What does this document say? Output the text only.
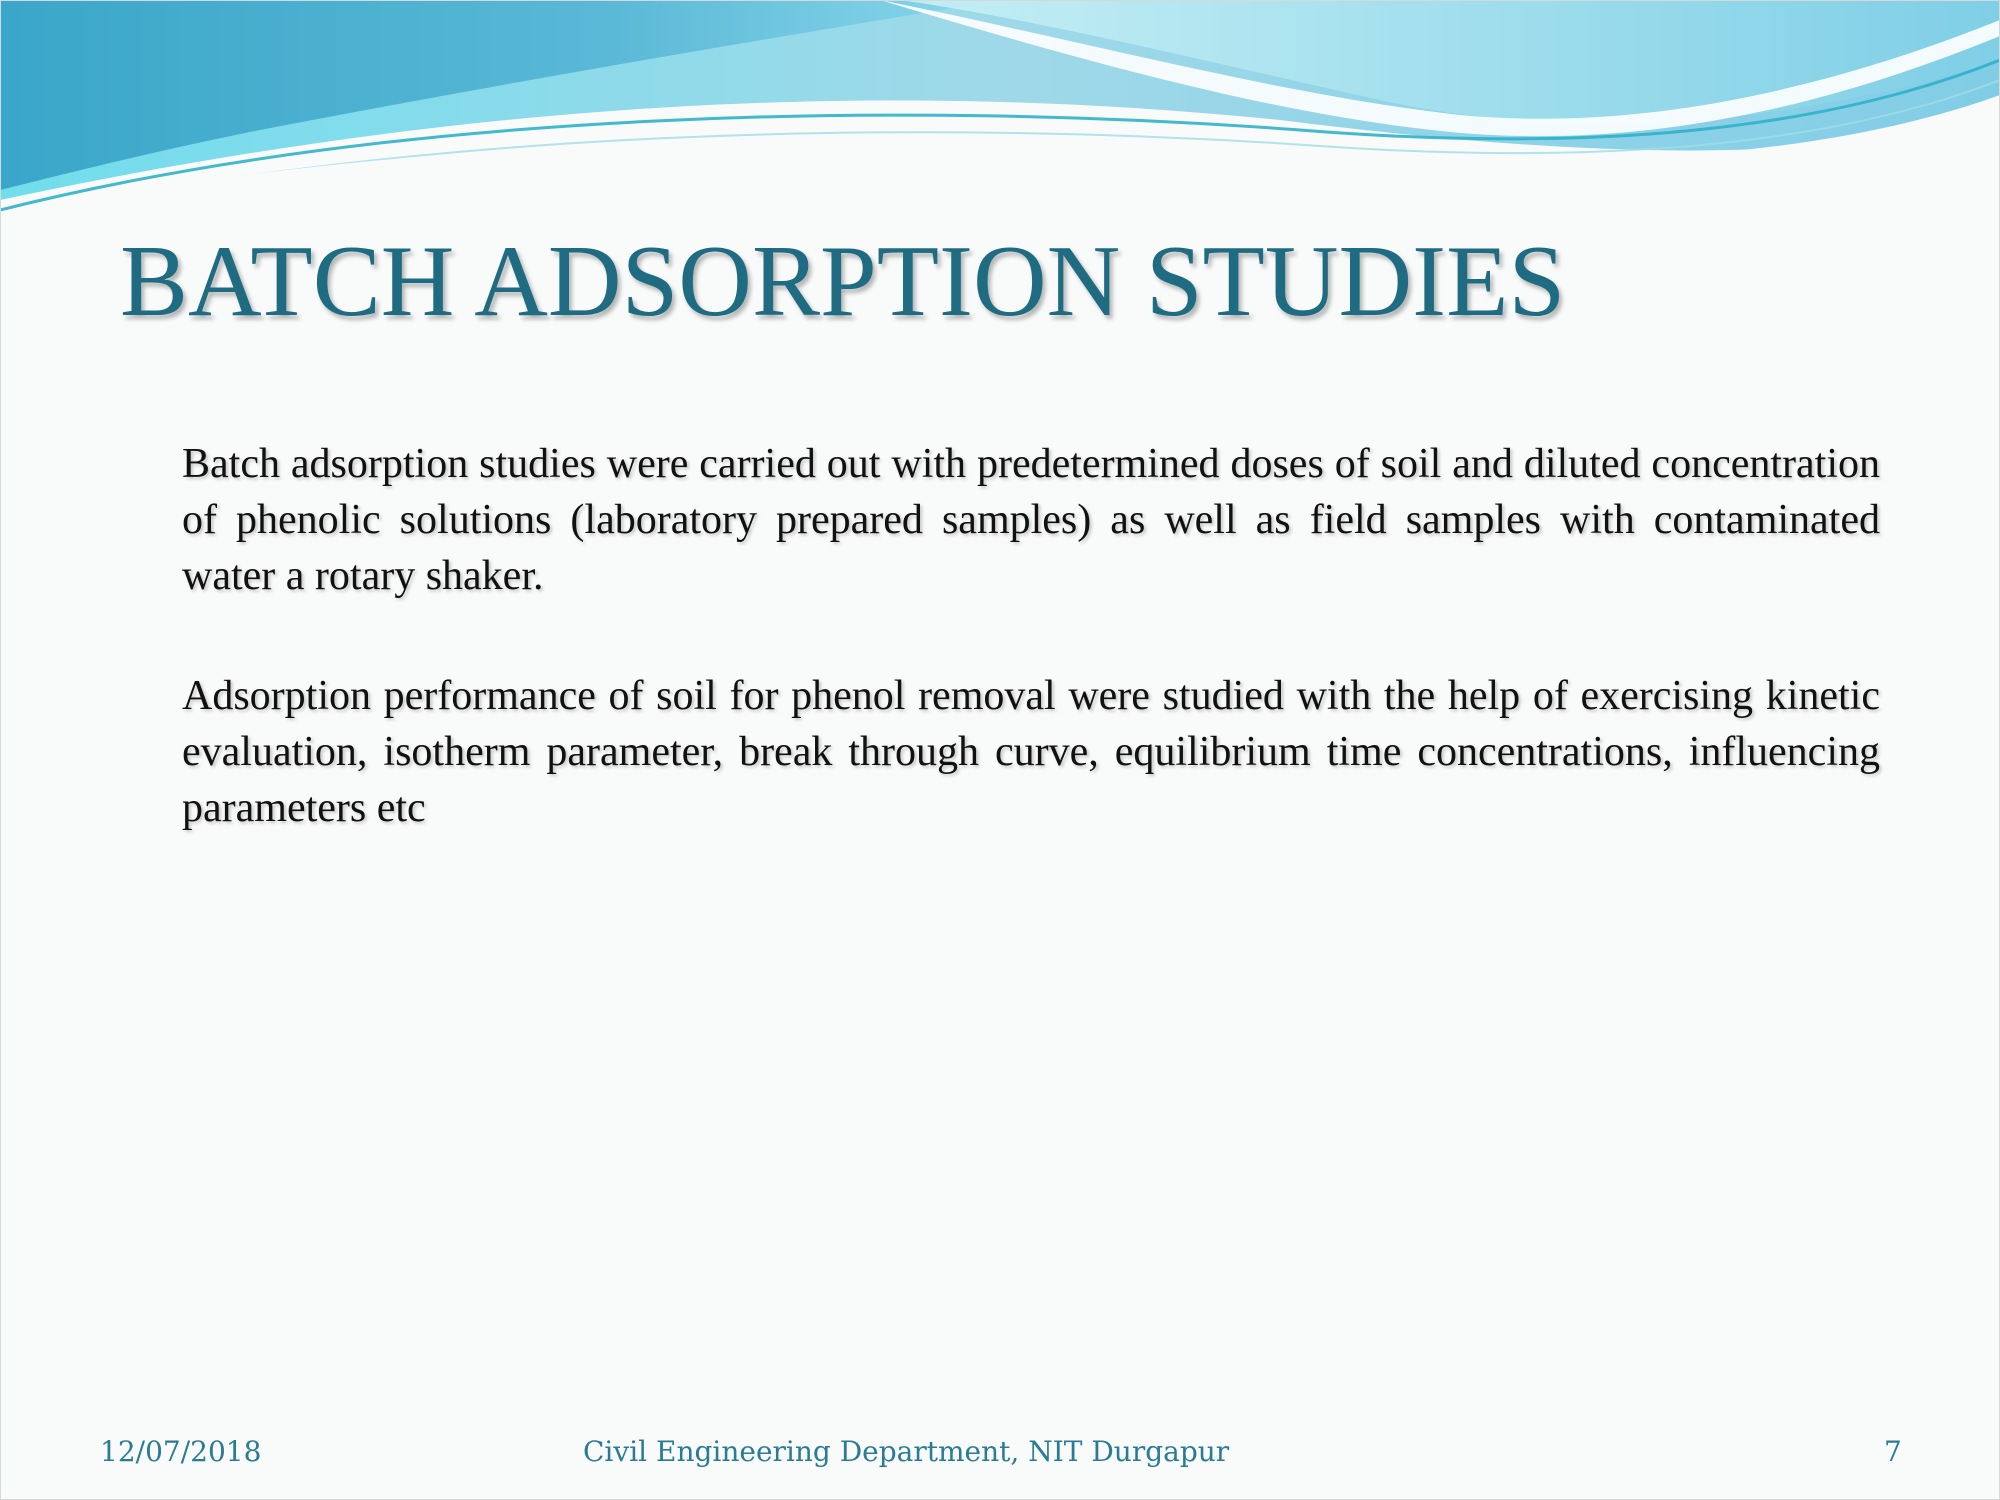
BATCH ADSORPTION STUDIES

Batch adsorption studies were carried out with predetermined doses of soil and diluted concentration of phenolic solutions (laboratory prepared samples) as well as field samples with contaminated water a rotary shaker.

Adsorption performance of soil for phenol removal were studied with the help of exercising kinetic evaluation, isotherm parameter, break through curve, equilibrium time concentrations, influencing parameters etc

12/07/2018	Civil Engineering Department, NIT Durgapur	7
